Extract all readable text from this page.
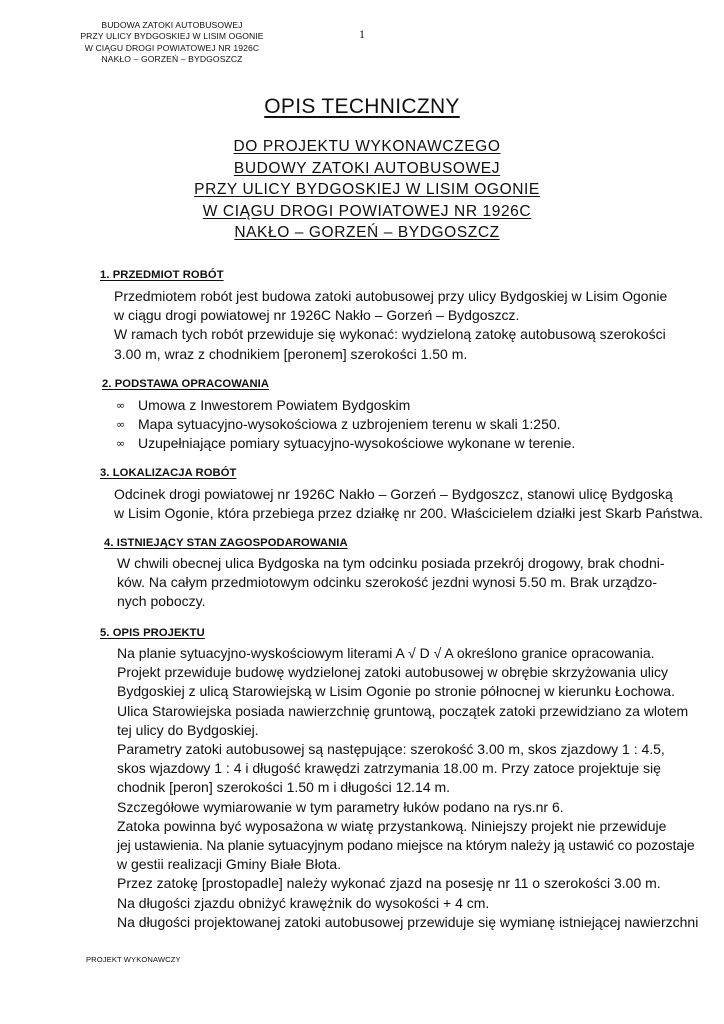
BUDOWA ZATOKI AUTOBUSOWEJ
PRZY ULICY BYDGOSKIEJ W LISIM OGONIE
W CIĄGU DROGI POWIATOWEJ NR 1926C
NAKŁO – GORZEŃ – BYDGOSZCZ
1
OPIS TECHNICZNY
DO PROJEKTU WYKONAWCZEGO
BUDOWY ZATOKI AUTOBUSOWEJ
PRZY ULICY BYDGOSKIEJ W LISIM OGONIE
W CIĄGU DROGI POWIATOWEJ NR 1926C
NAKŁO – GORZEŃ – BYDGOSZCZ
1. PRZEDMIOT ROBÓT
Przedmiotem robót jest budowa zatoki autobusowej przy ulicy Bydgoskiej w Lisim Ogonie
w ciągu drogi powiatowej nr 1926C Nakło – Gorzeń – Bydgoszcz.
W ramach tych robót przewiduje się wykonać: wydzieloną zatokę autobusową szerokości
3.00 m, wraz z chodnikiem [peronem] szerokości 1.50 m.
2. PODSTAWA OPRACOWANIA
∞ Umowa z Inwestorem Powiatem Bydgoskim
∞ Mapa sytuacyjno-wysokościowa z uzbrojeniem terenu w skali 1:250.
∞ Uzupełniające pomiary sytuacyjno-wysokościowe wykonane w terenie.
3. LOKALIZACJA ROBÓT
Odcinek drogi powiatowej nr 1926C Nakło – Gorzeń – Bydgoszcz, stanowi ulicę Bydgoską
w Lisim Ogonie, która przebiega przez działkę nr 200. Właścicielem działki jest Skarb Państwa.
4. ISTNIEJĄCY STAN ZAGOSPODAROWANIA
W chwili obecnej ulica Bydgoska na tym odcinku posiada przekrój drogowy, brak chodni-
ków. Na całym przedmiotowym odcinku szerokość jezdni wynosi 5.50 m. Brak urządzo-
nych poboczy.
5. OPIS PROJEKTU
Na planie sytuacyjno-wyskościowym literami A √ D √ A określono granice opracowania.
Projekt przewiduje budowę wydzielonej zatoki autobusowej w obrębie skrzyżowania ulicy
Bydgoskiej z ulicą Starowiejską w Lisim Ogonie po stronie północnej w kierunku Łochowa.
Ulica Starowiejska posiada nawierzchnię gruntową, początek zatoki przewidziano za wlotem
tej ulicy do Bydgoskiej.
Parametry zatoki autobusowej są następujące: szerokość 3.00 m, skos zjazdowy 1 : 4.5,
skos wjazdowy 1 : 4 i długość krawędzi zatrzymania 18.00 m. Przy zatoce projektuje się
chodnik [peron] szerokości 1.50 m i długości 12.14 m.
Szczegółowe wymiarowanie w tym parametry łuków podano na rys.nr 6.
Zatoka powinna być wyposażona w wiatę przystankową. Niniejszy projekt nie przewiduje
jej ustawienia. Na planie sytuacyjnym podano miejsce na którym należy ją ustawić co pozostaje
w gestii realizacji Gminy Białe Błota.
Przez zatokę [prostopadle] należy wykonać zjazd na posesję nr 11 o szerokości 3.00 m.
Na długości zjazdu obniżyć krawężnik do wysokości + 4 cm.
Na długości projektowanej zatoki autobusowej przewiduje się wymianę istniejącej nawierzchni
PROJEKT WYKONAWCZY
